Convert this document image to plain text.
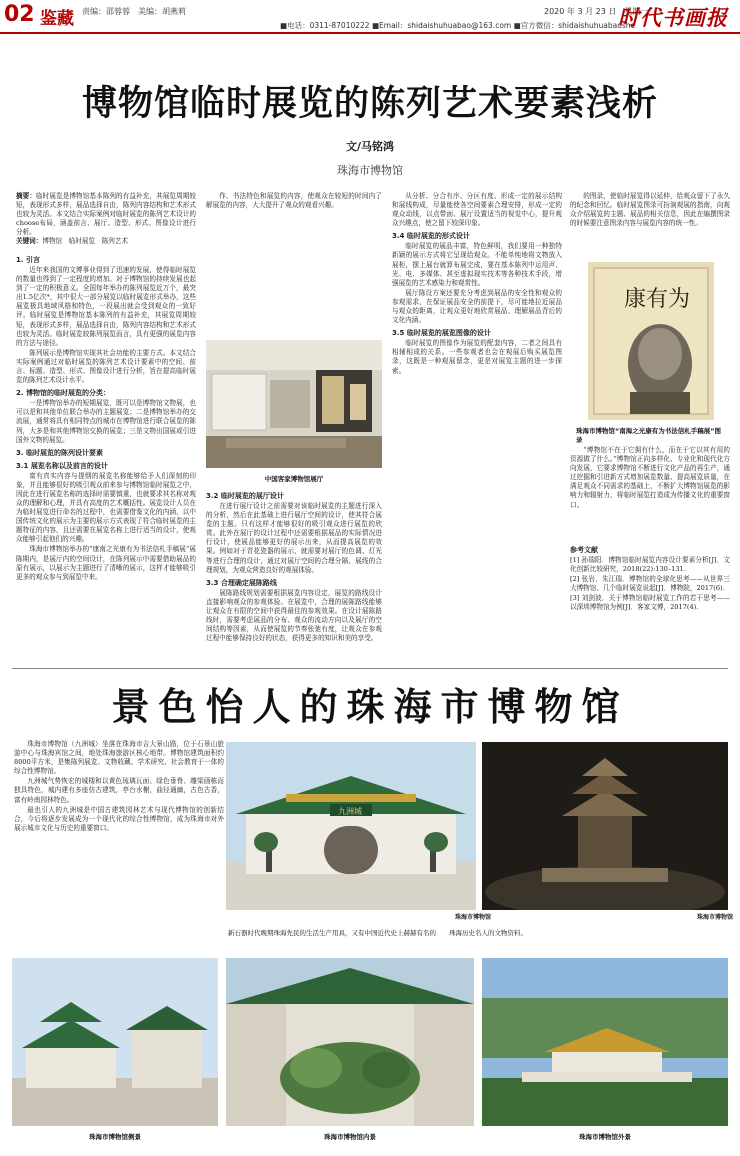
02 鉴藏 责编：邵蓉蓉　美编：胡燕莉	2020 年 3 月 23 日　星期一
■电话：0311-87010222 ■Email：shidaishuhuabao@163.com ■官方微信：shidaishuhuabaoshe
时代书画报
博物馆临时展览的陈列艺术要素浅析
文/马铭鸿
珠海市博物馆
摘要：临时展览是博物馆基本陈列的有益补充，其展览周期较短，表现形式多样，展品选择自由，陈列内容结构和艺术形式也较为灵活。本文结合实际案例对临时展览的陈列艺术设计的choose布局，涵盖前言、展厅、造型、形式、图像设计进行分析。
关键词：博物馆　临时展览　陈列艺术
1. 引言

近年来我国的文博事业得到了迅速的发展，使得临时展览的数量也得到了一定程度的增加。对于博物馆的持续发展也起到了一定的积极意义。全国每年举办的陈列展览近万个，最突出1.5亿次*，其中很大一部分展览以临时展览形式举办，这些展览极具地域风格和特色，一段展出就会受到观众的一致好评。临时展览是博物馆基本陈列的有益补充，其展览周期较短，表现形式多样，展品选择自由，陈列内容结构和艺术形式也较为灵活。临时展览较陈列展览而言，具有更强的展览内容的方法与途径。

陈列展示是博物馆实现其社会功能的主要方式。本文结合实际案例通过对临时展览的陈列艺术设计要素中的空间、前言、标题、造型、形式、图像设计进行分析，旨在提高临时展览的陈列艺术设计水平。

2. 博物馆的临时展览的分类：

一是博物馆举办的短期展览，既可以是博物馆文物展，也可以是和其他单位联合举办的主题展览；二是博物馆举办的交流展，通常将具有相同特点的城市在博物馆进行联合展览的陈列，大多是和其他博物馆交换的展览；三是文物出国展或引进国外文物的展览。

3. 临时展览的陈列设计要素
3.1 展览名称以及前言的设计

富有真实内容与提纲的展览名称能够给予人们深刻的印象，并且能够很好的吸引观众前来参与博物馆临时展览之中，因此在进行展览名称的选择时需要慎重，也就要求其名称对观众的理解和心理，并具有高度的艺术概括性。展览设计人员在为临时展览进行命名的过程中，也需要借鉴文化的内涵，以中国传统文化的展示为主要的展示方式表现了符合临时展览的主题特征的内容，且还需要在展览名称上进行适当的设计，使观众能够引起他们的兴趣。

珠海市博物馆举办的“康南之光康有为书法信札手稿展”展陈期内，是展厅内的空间设计，在陈列展示中需要借助展品的原有展示，以展示为主题进行了清晰的展示，这样才能够吸引更多的观众参与到展览中来。

作、书法特色和展览的内容，使观众在较短的时间内了解展览的内容，大大提升了观众的观看兴趣。

中国客家博物馆展厅
3.2 临时展览的展厅设计

在进行展厅设计之前需要对该临时展览的主题进行深入的分析，然后在此基础上进行展厅空间的设计，使其符合展览的主题。只有这样才能够很好的吸引观众进行展览的欣赏。此外在展厅的设计过程中还需要根据展品的实际情况进行设计，使展品能够更好的展示出来，从而提高展览的效果。例如对于青花瓷器的展示，就需要对展厅的色调、灯光等进行合理的设计，通过对展厅空间的合理分隔、展线的合理规划，为观众营造良好的观展体验。

3.3 合理确定展陈路线

展陈路线规划需要根据展览内容设定，展览的路线设计直接影响观众的参观体验。在展览中，合理的展陈路线能够让观众在有限的空间中获得最佳的参观效果。在设计展陈路线时，需要考虑展品的分布、观众的流动方向以及展厅的空间结构等因素，从而使展览的节奏张弛有度，让观众在参观过程中能够保持良好的状态，获得更多的知识和美的享受。

从分析、分合有序、分区有度、形成一定的展示结构和展线构成，尽量能使各空间要素合理安排，形成一定的观众动线，以点带面、展厅设置适当的视觉中心，提升观众兴趣点，使之留下较深印象。

3.4 临时展览的形式设计

临时展览的展品丰富，特色鲜明，我们要用一种独特新颖的展示方式将它呈现给观众。不能单纯地将文物放入展柜，摆上展台就算布展完成，要在基本陈列中运用声、光、电、多媒体、甚至虚拟现实技术等各种技术手段，增强展览的艺术感染力和观赏性。

展厅陈设方案还要充分考虑到展品的安全性和观众的参观需求，在保证展品安全的前提下，尽可能地拉近展品与观众的距离，让观众更好地欣赏展品、理解展品背后的文化内涵。

3.5 临时展览的展览图像的设计

临时展览的图像作为展览的配套内容，二者之间具有相辅相成的关系。一些参观者也会在观展后购买展览图录，这既是一种观展留念，更是对展览主题的进一步探索。

的图录，使临时展览得以延伸，给观众留下了永久的纪念和回忆。临时展览图录可扮演观展的指南，向观众介绍展览的主题、展品的相关信息，因此在编撰图录的时候要注意图录内容与展览内容的统一性。

康有为
珠海市博物馆“南海之光康有为书法信札手稿展”图录

“博物馆不在于它拥有什么，而在于它以其有用的资源做了什么。”博物馆正向多样化、专业化和现代化方向发展，它要求博物馆不断进行文化产品的再生产，通过挖掘和引进新方式增加展览数量、提高展览质量，在满足观众不同需求的基础上，不断扩大博物馆展览的影响力和辐射力，将临时展览打造成为传播文化的重要窗口。

参考文献

[1] 孙瑞阳．博物馆临时展览内容设计要素分析[J]．文化创新比较研究，2018(22):130–131.

[2] 张岩，朱江瑞．博物馆的全球化思考——从世界三大博物馆、几个临时展览说起[J]．博物院，2017(6).

[3] 刘剑波．关于博物馆临时展览工作的若干思考——以深圳博物馆为例[J]．客家文博，2017(4).

景色怡人的珠海市博物馆

珠海市博物馆（九洲城）坐落在珠海市吉大景山路，位于石景山旅游中心与珠海宾馆之间，地处珠海旅游区核心地带。博物馆建筑面积约8000平方米，是集陈列展览、文物收藏、学术研究、社会教育于一体的综合性博物馆。

九洲城气势恢宏的城楼和以黄色琉璃瓦面、绿色垂脊、雕梁画栋而独具特色，城内建有多座仿古建筑，亭台水榭，曲径通幽，古色古香，富有岭南园林特色。

最也引人的九洲城是中国古建筑园林艺术与现代博物馆的创新结合，今后将逐步发展成为一个现代化的综合性博物馆，成为珠海市对外展示城市文化与历史的重要窗口。

九洲城
珠海市博物馆
新石器时代晚期珠海先民的生活生产用具，又有中国近代史上赫赫有名的　　珠海历史名人的文物资料。
珠海市博物馆
珠海市博物馆侧景	珠海市博物馆内景	珠海市博物馆外景
